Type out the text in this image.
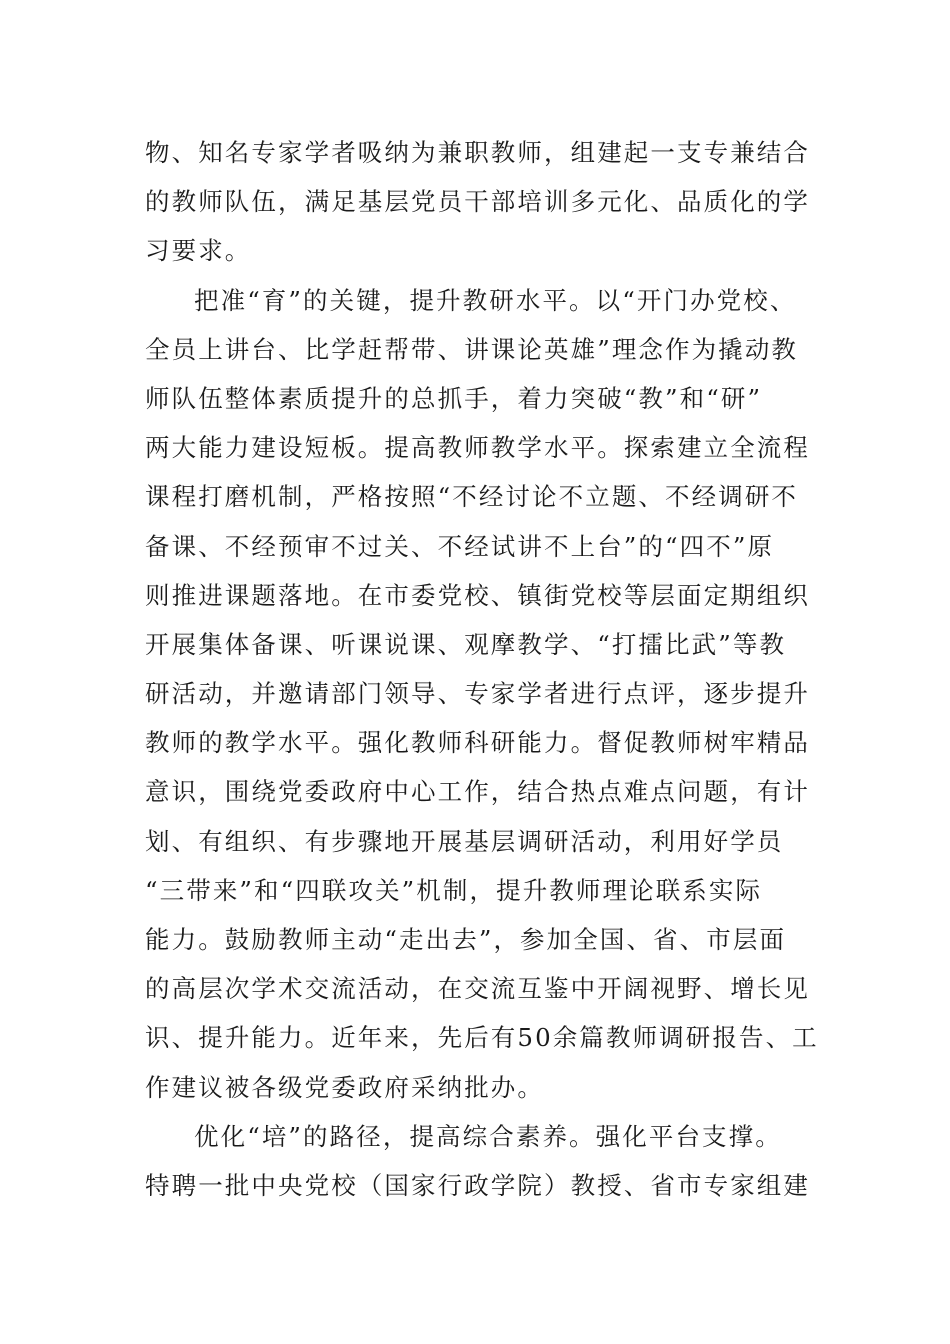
物、知名专家学者吸纳为兼职教师，组建起一支专兼结合
的教师队伍，满足基层党员干部培训多元化、品质化的学
习要求。
把准“育”的关键，提升教研水平。以“开门办党校、
全员上讲台、比学赶帮带、讲课论英雄”理念作为撬动教
师队伍整体素质提升的总抓手，着力突破“教”和“研”
两大能力建设短板。提高教师教学水平。探索建立全流程
课程打磨机制，严格按照“不经讨论不立题、不经调研不
备课、不经预审不过关、不经试讲不上台”的“四不”原
则推进课题落地。在市委党校、镇街党校等层面定期组织
开展集体备课、听课说课、观摩教学、“打擂比武”等教
研活动，并邀请部门领导、专家学者进行点评，逐步提升
教师的教学水平。强化教师科研能力。督促教师树牢精品
意识，围绕党委政府中心工作，结合热点难点问题，有计
划、有组织、有步骤地开展基层调研活动，利用好学员
“三带来”和“四联攻关”机制，提升教师理论联系实际
能力。鼓励教师主动“走出去”，参加全国、省、市层面
的高层次学术交流活动，在交流互鉴中开阔视野、增长见
识、提升能力。近年来，先后有50余篇教师调研报告、工
作建议被各级党委政府采纳批办。
优化“培”的路径，提高综合素养。强化平台支撑。
特聘一批中央党校（国家行政学院）教授、省市专家组建
